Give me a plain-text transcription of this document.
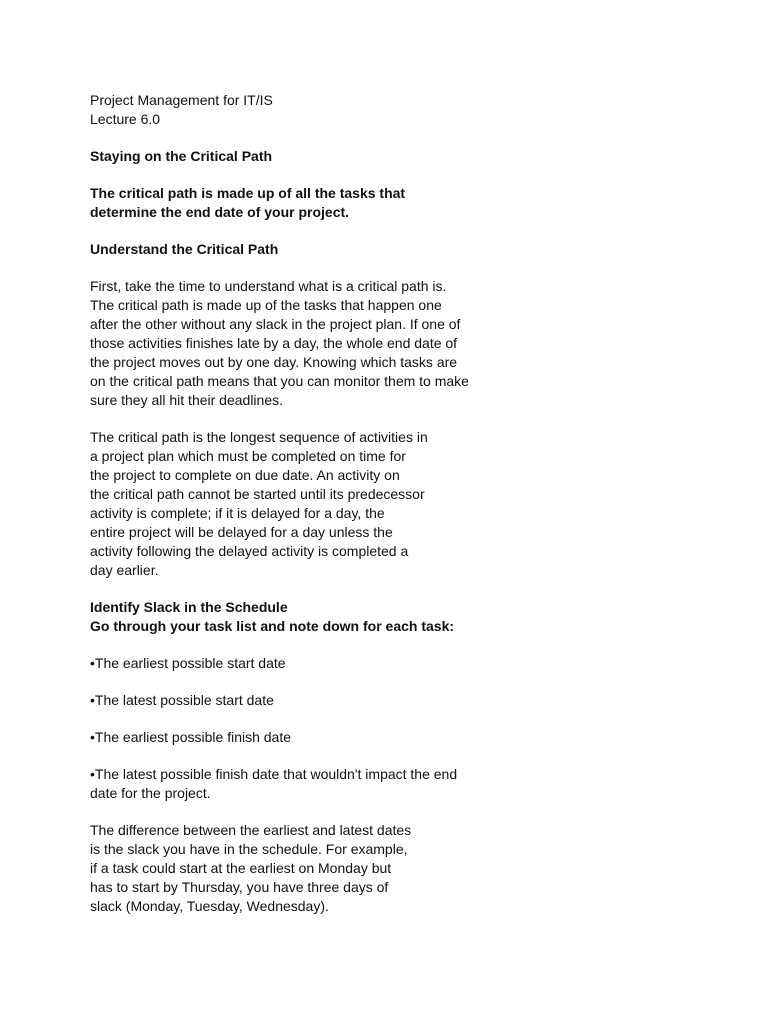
Project Management for IT/IS
Lecture 6.0
Staying on the Critical Path
The critical path is made up of all the tasks that
determine the end date of your project.
Understand the Critical Path
First, take the time to understand what is a critical path is.
The critical path is made up of the tasks that happen one
after the other without any slack in the project plan. If one of
those activities finishes late by a day, the whole end date of
the project moves out by one day. Knowing which tasks are
on the critical path means that you can monitor them to make
sure they all hit their deadlines.
The critical path is the longest sequence of activities in
a project plan which must be completed on time for
the project to complete on due date. An activity on
the critical path cannot be started until its predecessor
activity is complete; if it is delayed for a day, the
entire project will be delayed for a day unless the
activity following the delayed activity is completed a
day earlier.
Identify Slack in the Schedule
Go through your task list and note down for each task:
•The earliest possible start date
•The latest possible start date
•The earliest possible finish date
•The latest possible finish date that wouldn't impact the end
date for the project.
The difference between the earliest and latest dates
is the slack you have in the schedule. For example,
if a task could start at the earliest on Monday but
has to start by Thursday, you have three days of
slack (Monday, Tuesday, Wednesday).
